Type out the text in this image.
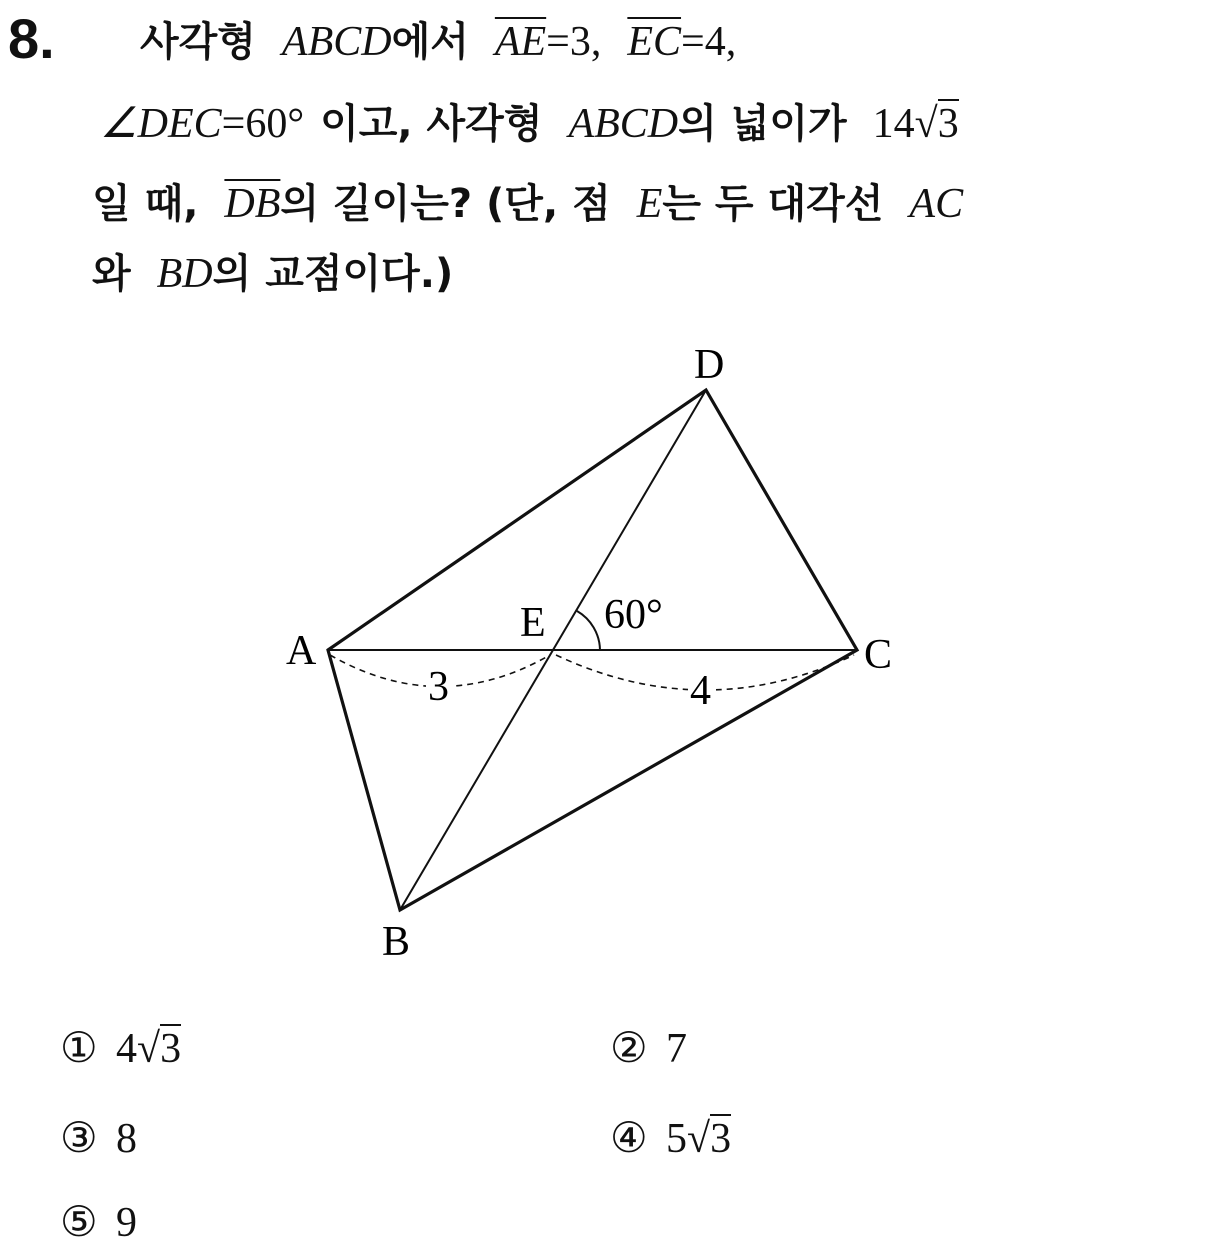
8. 사각형 ABCD에서 $\overline{AE}=3$, $\overline{EC}=4$,
∠DEC=60° 이고, 사각형 ABCD의 넓이가 14√3
일 때, $\overline{DB}$의 길이는? (단, 점 E는 두 대각선 AC
와 BD의 교점이다.)
A
B
C
D
E 60°
3	4
① 4√3	② 7
③ 8	④ 5√3
⑤ 9
